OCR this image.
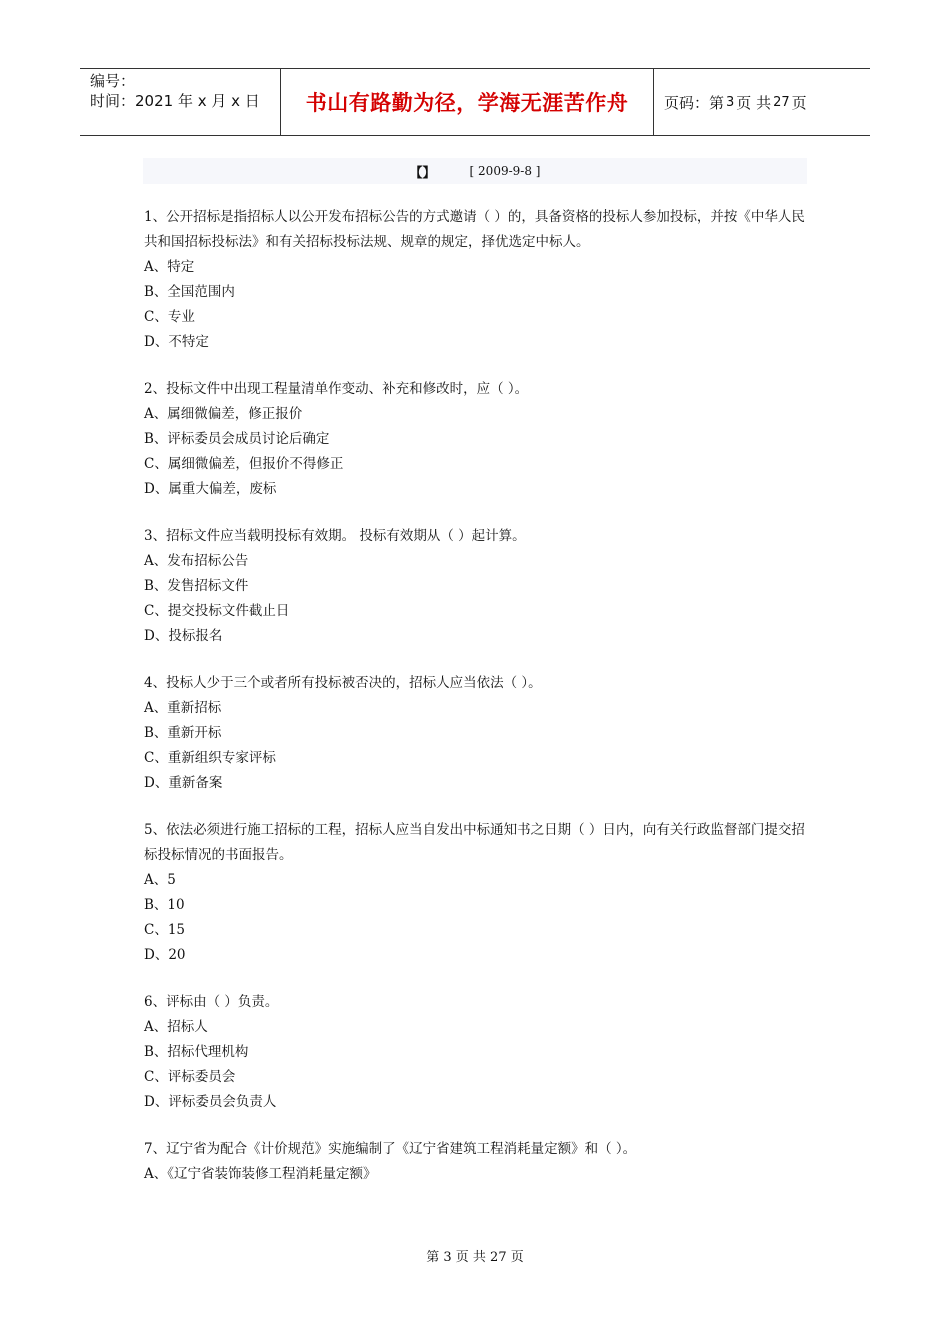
编号：
时间：2021 年 x 月 x 日	书山有路勤为径，学海无涯苦作舟	页码：第 3 页 共 27 页
【】	[ 2009-9-8 ]
1、公开招标是指招标人以公开发布招标公告的方式邀请（ ）的，具备资格的投标人参加投标，并按《中华人民共和国招标投标法》和有关招标投标法规、规章的规定，择优选定中标人。
A、特定
B、全国范围内
C、专业
D、不特定
2、投标文件中出现工程量清单作变动、补充和修改时，应（ ）。
A、属细微偏差，修正报价
B、评标委员会成员讨论后确定
C、属细微偏差，但报价不得修正
D、属重大偏差，废标
3、招标文件应当载明投标有效期。 投标有效期从（ ）起计算。
A、发布招标公告
B、发售招标文件
C、提交投标文件截止日
D、投标报名
4、投标人少于三个或者所有投标被否决的，招标人应当依法（ ）。
A、重新招标
B、重新开标
C、重新组织专家评标
D、重新备案
5、依法必须进行施工招标的工程，招标人应当自发出中标通知书之日期（ ）日内，向有关行政监督部门提交招标投标情况的书面报告。
A、5
B、10
C、15
D、20
6、评标由（ ）负责。
A、招标人
B、招标代理机构
C、评标委员会
D、评标委员会负责人
7、辽宁省为配合《计价规范》实施编制了《辽宁省建筑工程消耗量定额》和（ ）。
A、《辽宁省装饰装修工程消耗量定额》
第 3 页 共 27 页
